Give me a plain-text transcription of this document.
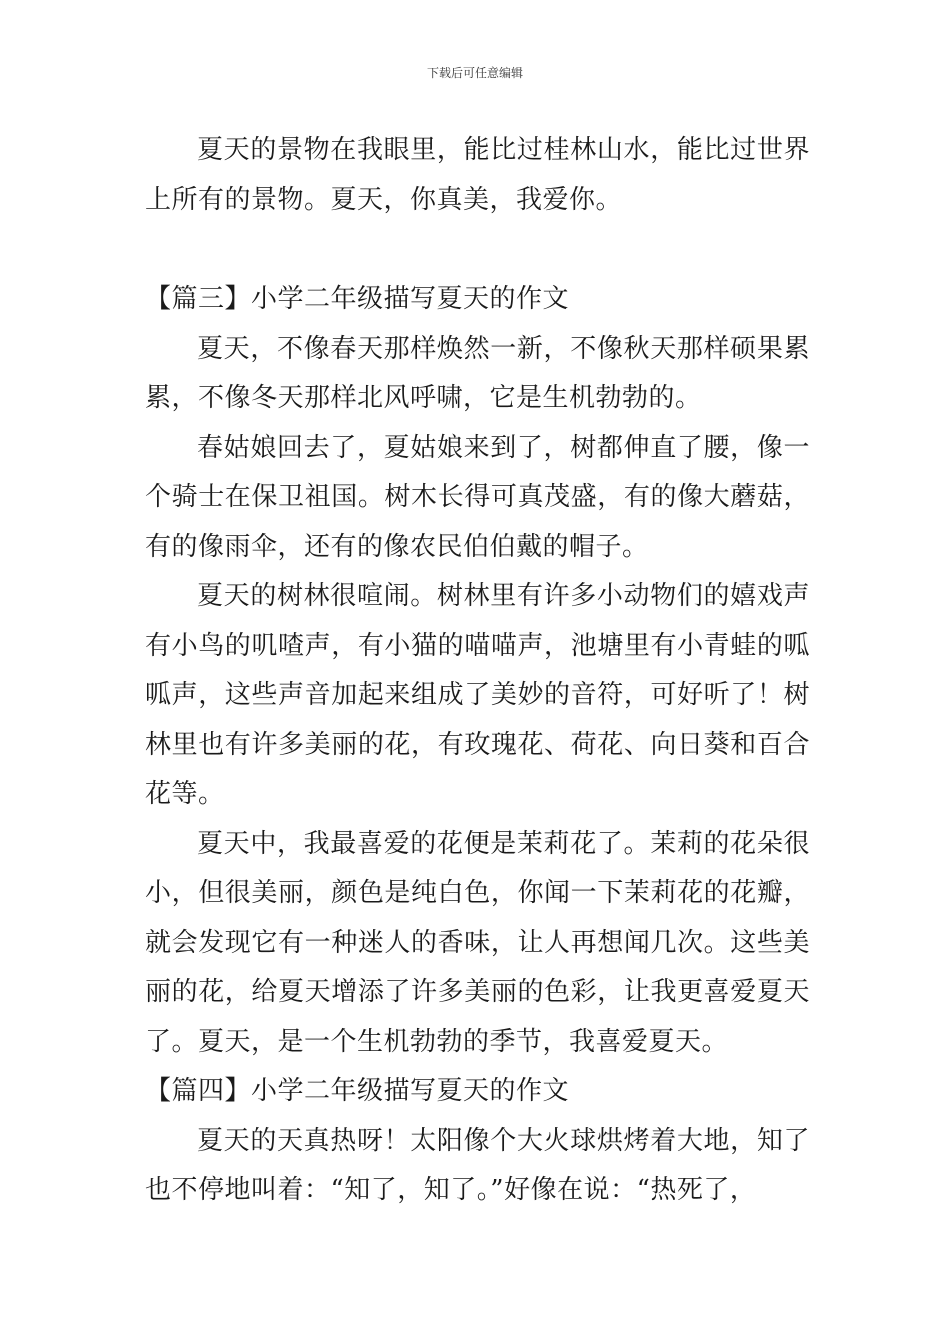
下载后可任意编辑

夏天的景物在我眼里，能比过桂林山水，能比过世界上所有的景物。夏天，你真美，我爱你。

【篇三】小学二年级描写夏天的作文

夏天，不像春天那样焕然一新，不像秋天那样硕果累累，不像冬天那样北风呼啸，它是生机勃勃的。

春姑娘回去了，夏姑娘来到了，树都伸直了腰，像一个骑士在保卫祖国。树木长得可真茂盛，有的像大蘑菇，有的像雨伞，还有的像农民伯伯戴的帽子。

夏天的树林很喧闹。树林里有许多小动物们的嬉戏声有小鸟的叽喳声，有小猫的喵喵声，池塘里有小青蛙的呱呱声，这些声音加起来组成了美妙的音符，可好听了！树林里也有许多美丽的花，有玫瑰花、荷花、向日葵和百合花等。

夏天中，我最喜爱的花便是茉莉花了。茉莉的花朵很小，但很美丽，颜色是纯白色，你闻一下茉莉花的花瓣，就会发现它有一种迷人的香味，让人再想闻几次。这些美丽的花，给夏天增添了许多美丽的色彩，让我更喜爱夏天了。夏天，是一个生机勃勃的季节，我喜爱夏天。

【篇四】小学二年级描写夏天的作文

夏天的天真热呀！太阳像个大火球烘烤着大地，知了也不停地叫着：“知了，知了。”好像在说：“热死了，
